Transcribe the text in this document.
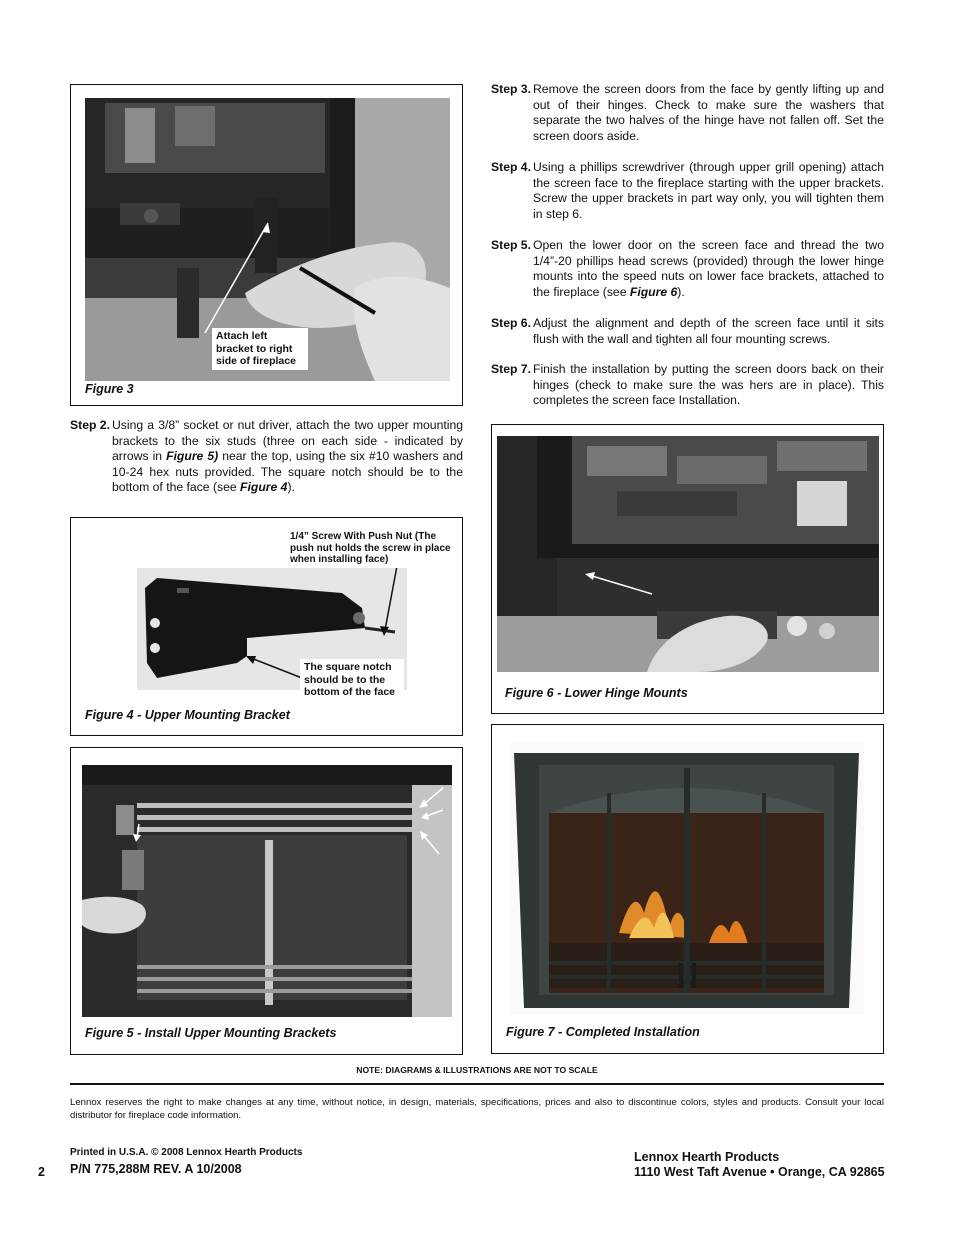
Attach left bracket to right side of fireplace
Figure 3
Step 2. Using a 3/8” socket or nut driver, attach the two upper mounting brackets to the six studs (three on each side - indicated by arrows in Figure 5) near the top, using the six #10 washers and 10-24 hex nuts provided. The square notch should be to the bottom of the face (see Figure 4).
1/4” Screw With Push Nut (The push nut holds the screw in place when installing face)
The square notch should be to the bottom of the face
Figure 4 - Upper Mounting Bracket
Figure 5 - Install Upper Mounting Brackets
Step 3. Remove the screen doors from the face by gently lifting up and out of their hinges. Check to make sure the washers that separate the two halves of the hinge have not fallen off. Set the screen doors aside.
Step 4. Using a phillips screwdriver (through upper grill opening) attach the screen face to the fireplace starting with the upper brackets. Screw the upper brackets in part way only, you will tighten them in step 6.
Step 5. Open the lower door on the screen face and thread the two 1/4”-20 phillips head screws (provided) through the lower hinge mounts into the speed nuts on lower face brackets, attached to the fireplace (see Figure 6).
Step 6. Adjust the alignment and depth of the screen face until it sits flush with the wall and tighten all four mounting screws.
Step 7. Finish the installation by putting the screen doors back on their hinges (check to make sure the was hers are in place). This completes the screen face Installation.
Figure 6 - Lower Hinge Mounts
Figure 7 - Completed Installation
NOTE: DIAGRAMS & ILLUSTRATIONS ARE NOT TO SCALE
Lennox reserves the right to make changes at any time, without notice, in design, materials, specifications, prices and also to discontinue colors, styles and products. Consult your local distributor for fireplace code information.
2
Printed in U.S.A. © 2008 Lennox Hearth Products
P/N 775,288M REV. A 10/2008
Lennox Hearth Products
1110 West Taft Avenue • Orange, CA 92865
